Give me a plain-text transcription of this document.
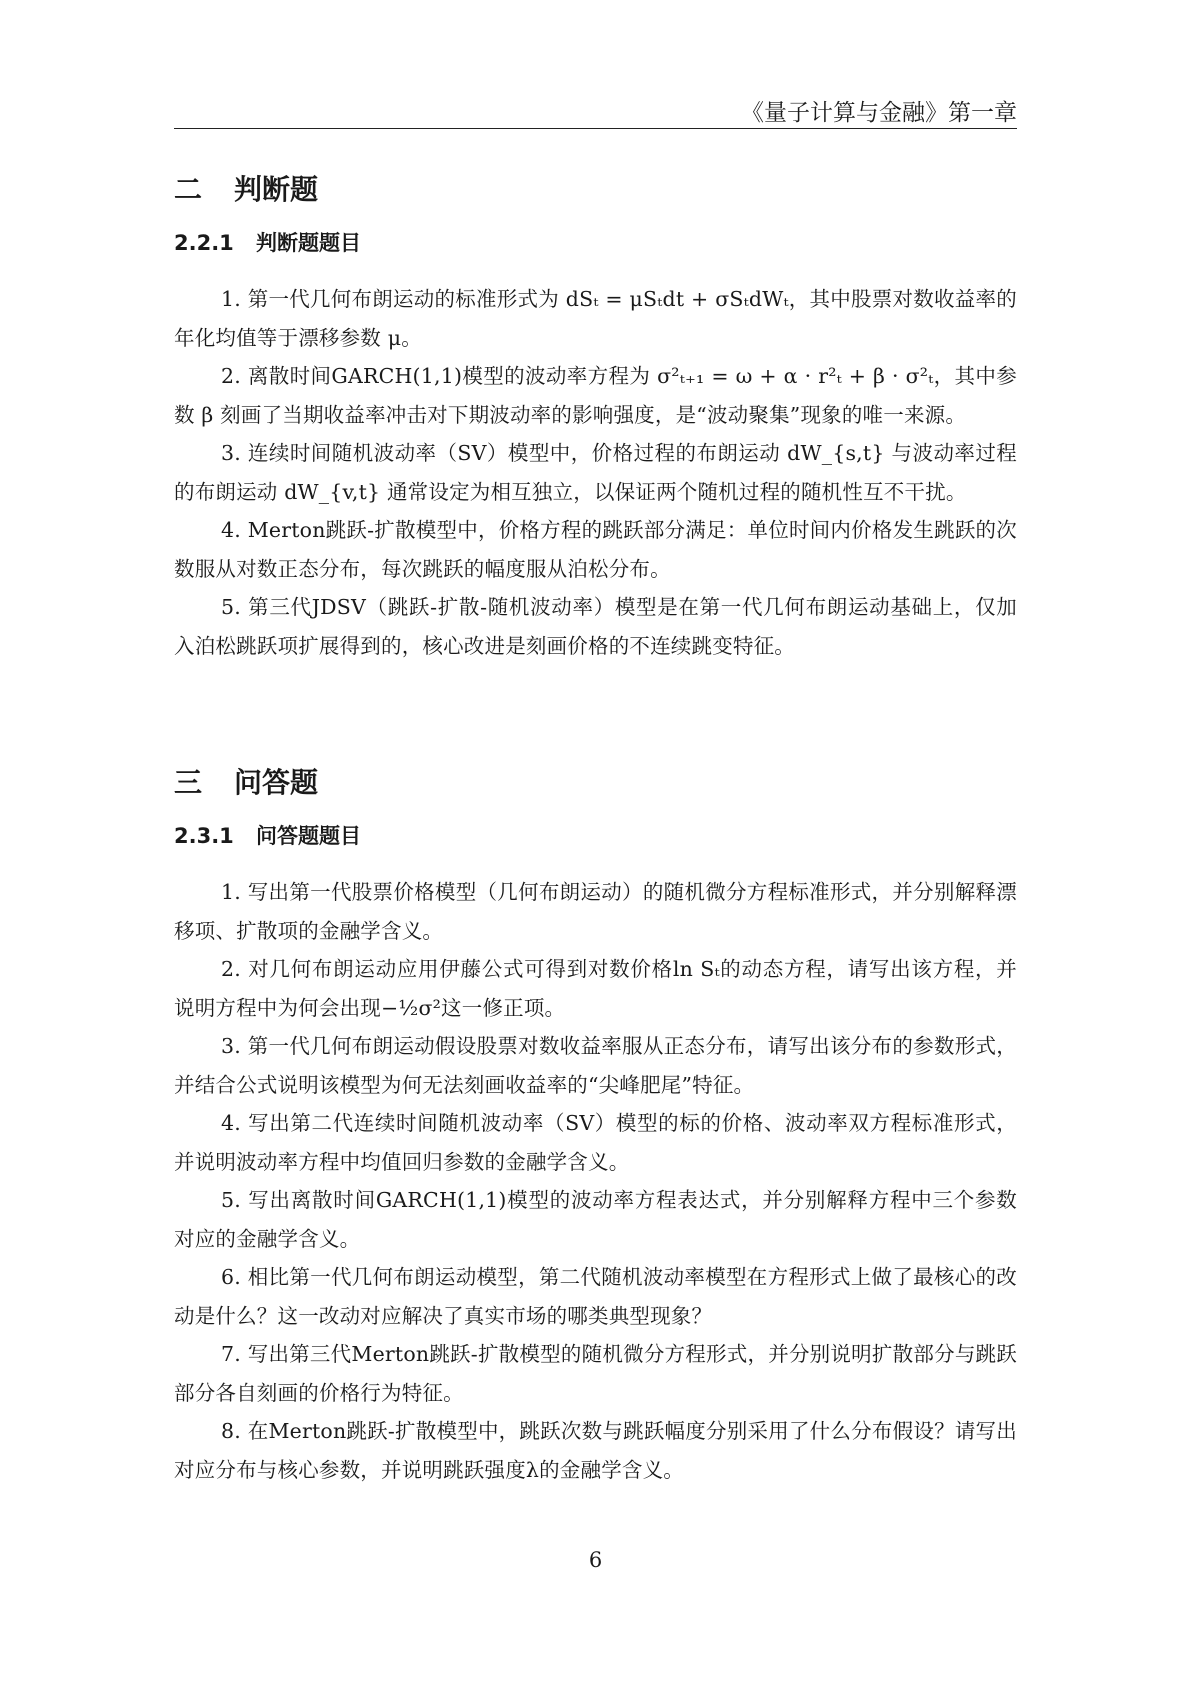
《量子计算与金融》第一章
二 判断题
2.2.1 判断题题目

1. 第一代几何布朗运动的标准形式为 dSₜ = μSₜdt + σSₜdWₜ，其中股票对数收益率的年化均值等于漂移参数 μ。

2. 离散时间GARCH(1,1)模型的波动率方程为 σ²ₜ₊₁ = ω + α · r²ₜ + β · σ²ₜ，其中参数 β 刻画了当期收益率冲击对下期波动率的影响强度，是“波动聚集”现象的唯一来源。

3. 连续时间随机波动率（SV）模型中，价格过程的布朗运动 dW_{s,t} 与波动率过程的布朗运动 dW_{v,t} 通常设定为相互独立，以保证两个随机过程的随机性互不干扰。

4. Merton跳跃-扩散模型中，价格方程的跳跃部分满足：单位时间内价格发生跳跃的次数服从对数正态分布，每次跳跃的幅度服从泊松分布。

5. 第三代JDSV（跳跃-扩散-随机波动率）模型是在第一代几何布朗运动基础上，仅加入泊松跳跃项扩展得到的，核心改进是刻画价格的不连续跳变特征。

三 问答题
2.3.1 问答题题目

1. 写出第一代股票价格模型（几何布朗运动）的随机微分方程标准形式，并分别解释漂移项、扩散项的金融学含义。

2. 对几何布朗运动应用伊藤公式可得到对数价格ln Sₜ的动态方程，请写出该方程，并说明方程中为何会出现−½σ²这一修正项。

3. 第一代几何布朗运动假设股票对数收益率服从正态分布，请写出该分布的参数形式，并结合公式说明该模型为何无法刻画收益率的“尖峰肥尾”特征。

4. 写出第二代连续时间随机波动率（SV）模型的标的价格、波动率双方程标准形式，并说明波动率方程中均值回归参数的金融学含义。

5. 写出离散时间GARCH(1,1)模型的波动率方程表达式，并分别解释方程中三个参数对应的金融学含义。

6. 相比第一代几何布朗运动模型，第二代随机波动率模型在方程形式上做了最核心的改动是什么？这一改动对应解决了真实市场的哪类典型现象？

7. 写出第三代Merton跳跃-扩散模型的随机微分方程形式，并分别说明扩散部分与跳跃部分各自刻画的价格行为特征。

8. 在Merton跳跃-扩散模型中，跳跃次数与跳跃幅度分别采用了什么分布假设？请写出对应分布与核心参数，并说明跳跃强度λ的金融学含义。

6
